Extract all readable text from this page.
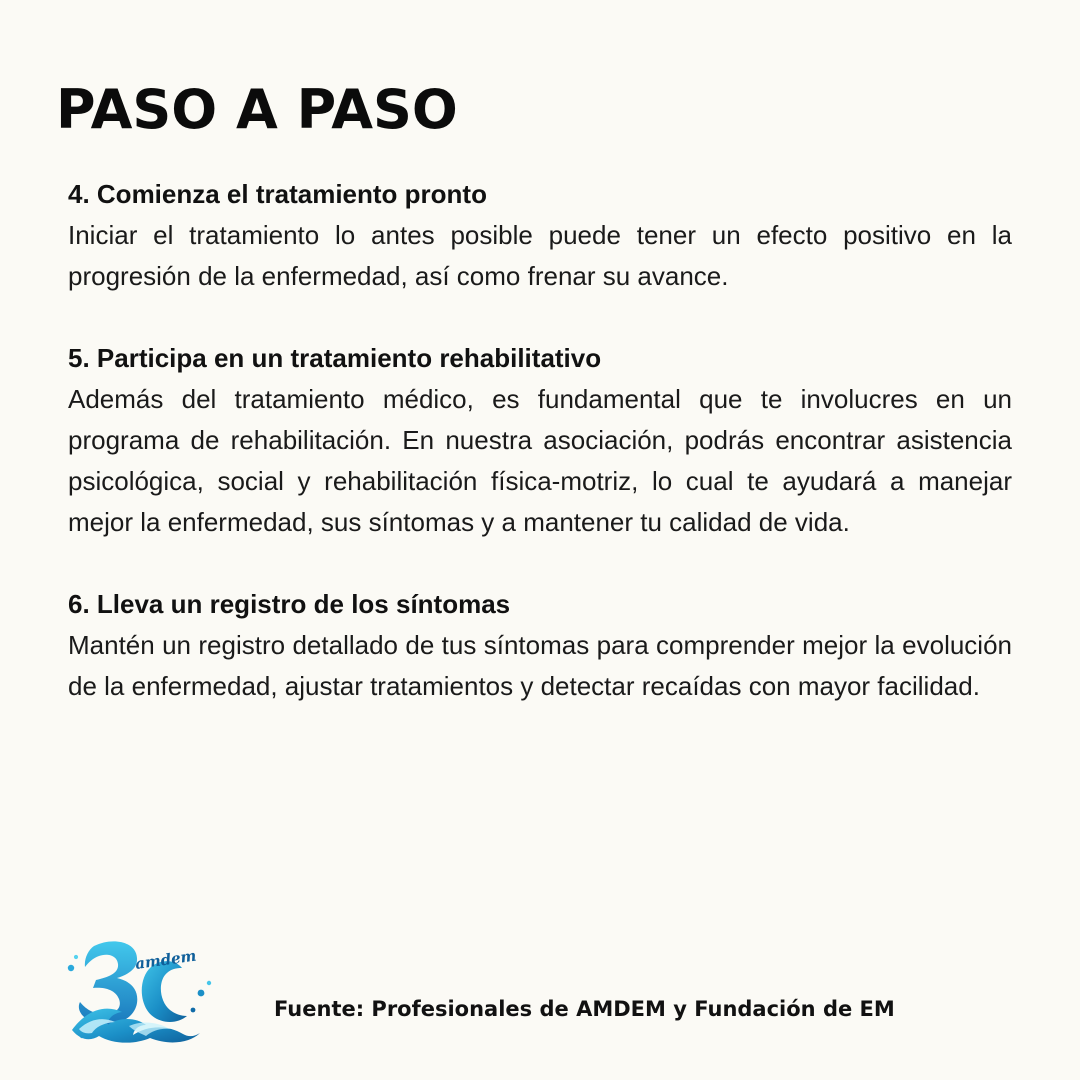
PASO A PASO
4. Comienza el tratamiento pronto

Iniciar el tratamiento lo antes posible puede tener un efecto positivo en la progresión de la enfermedad, así como frenar su avance.

5. Participa en un tratamiento rehabilitativo

Además del tratamiento médico, es fundamental que te involucres en un programa de rehabilitación. En nuestra asociación, podrás encontrar asistencia psicológica, social y rehabilitación física-motriz, lo cual te ayudará a manejar mejor la enfermedad, sus síntomas y a mantener tu calidad de vida.

6. Lleva un registro de los síntomas

Mantén un registro detallado de tus síntomas para comprender mejor la evolución de la enfermedad, ajustar tratamientos y detectar recaídas con mayor facilidad.

amdem
Fuente: Profesionales de AMDEM y Fundación de EM
